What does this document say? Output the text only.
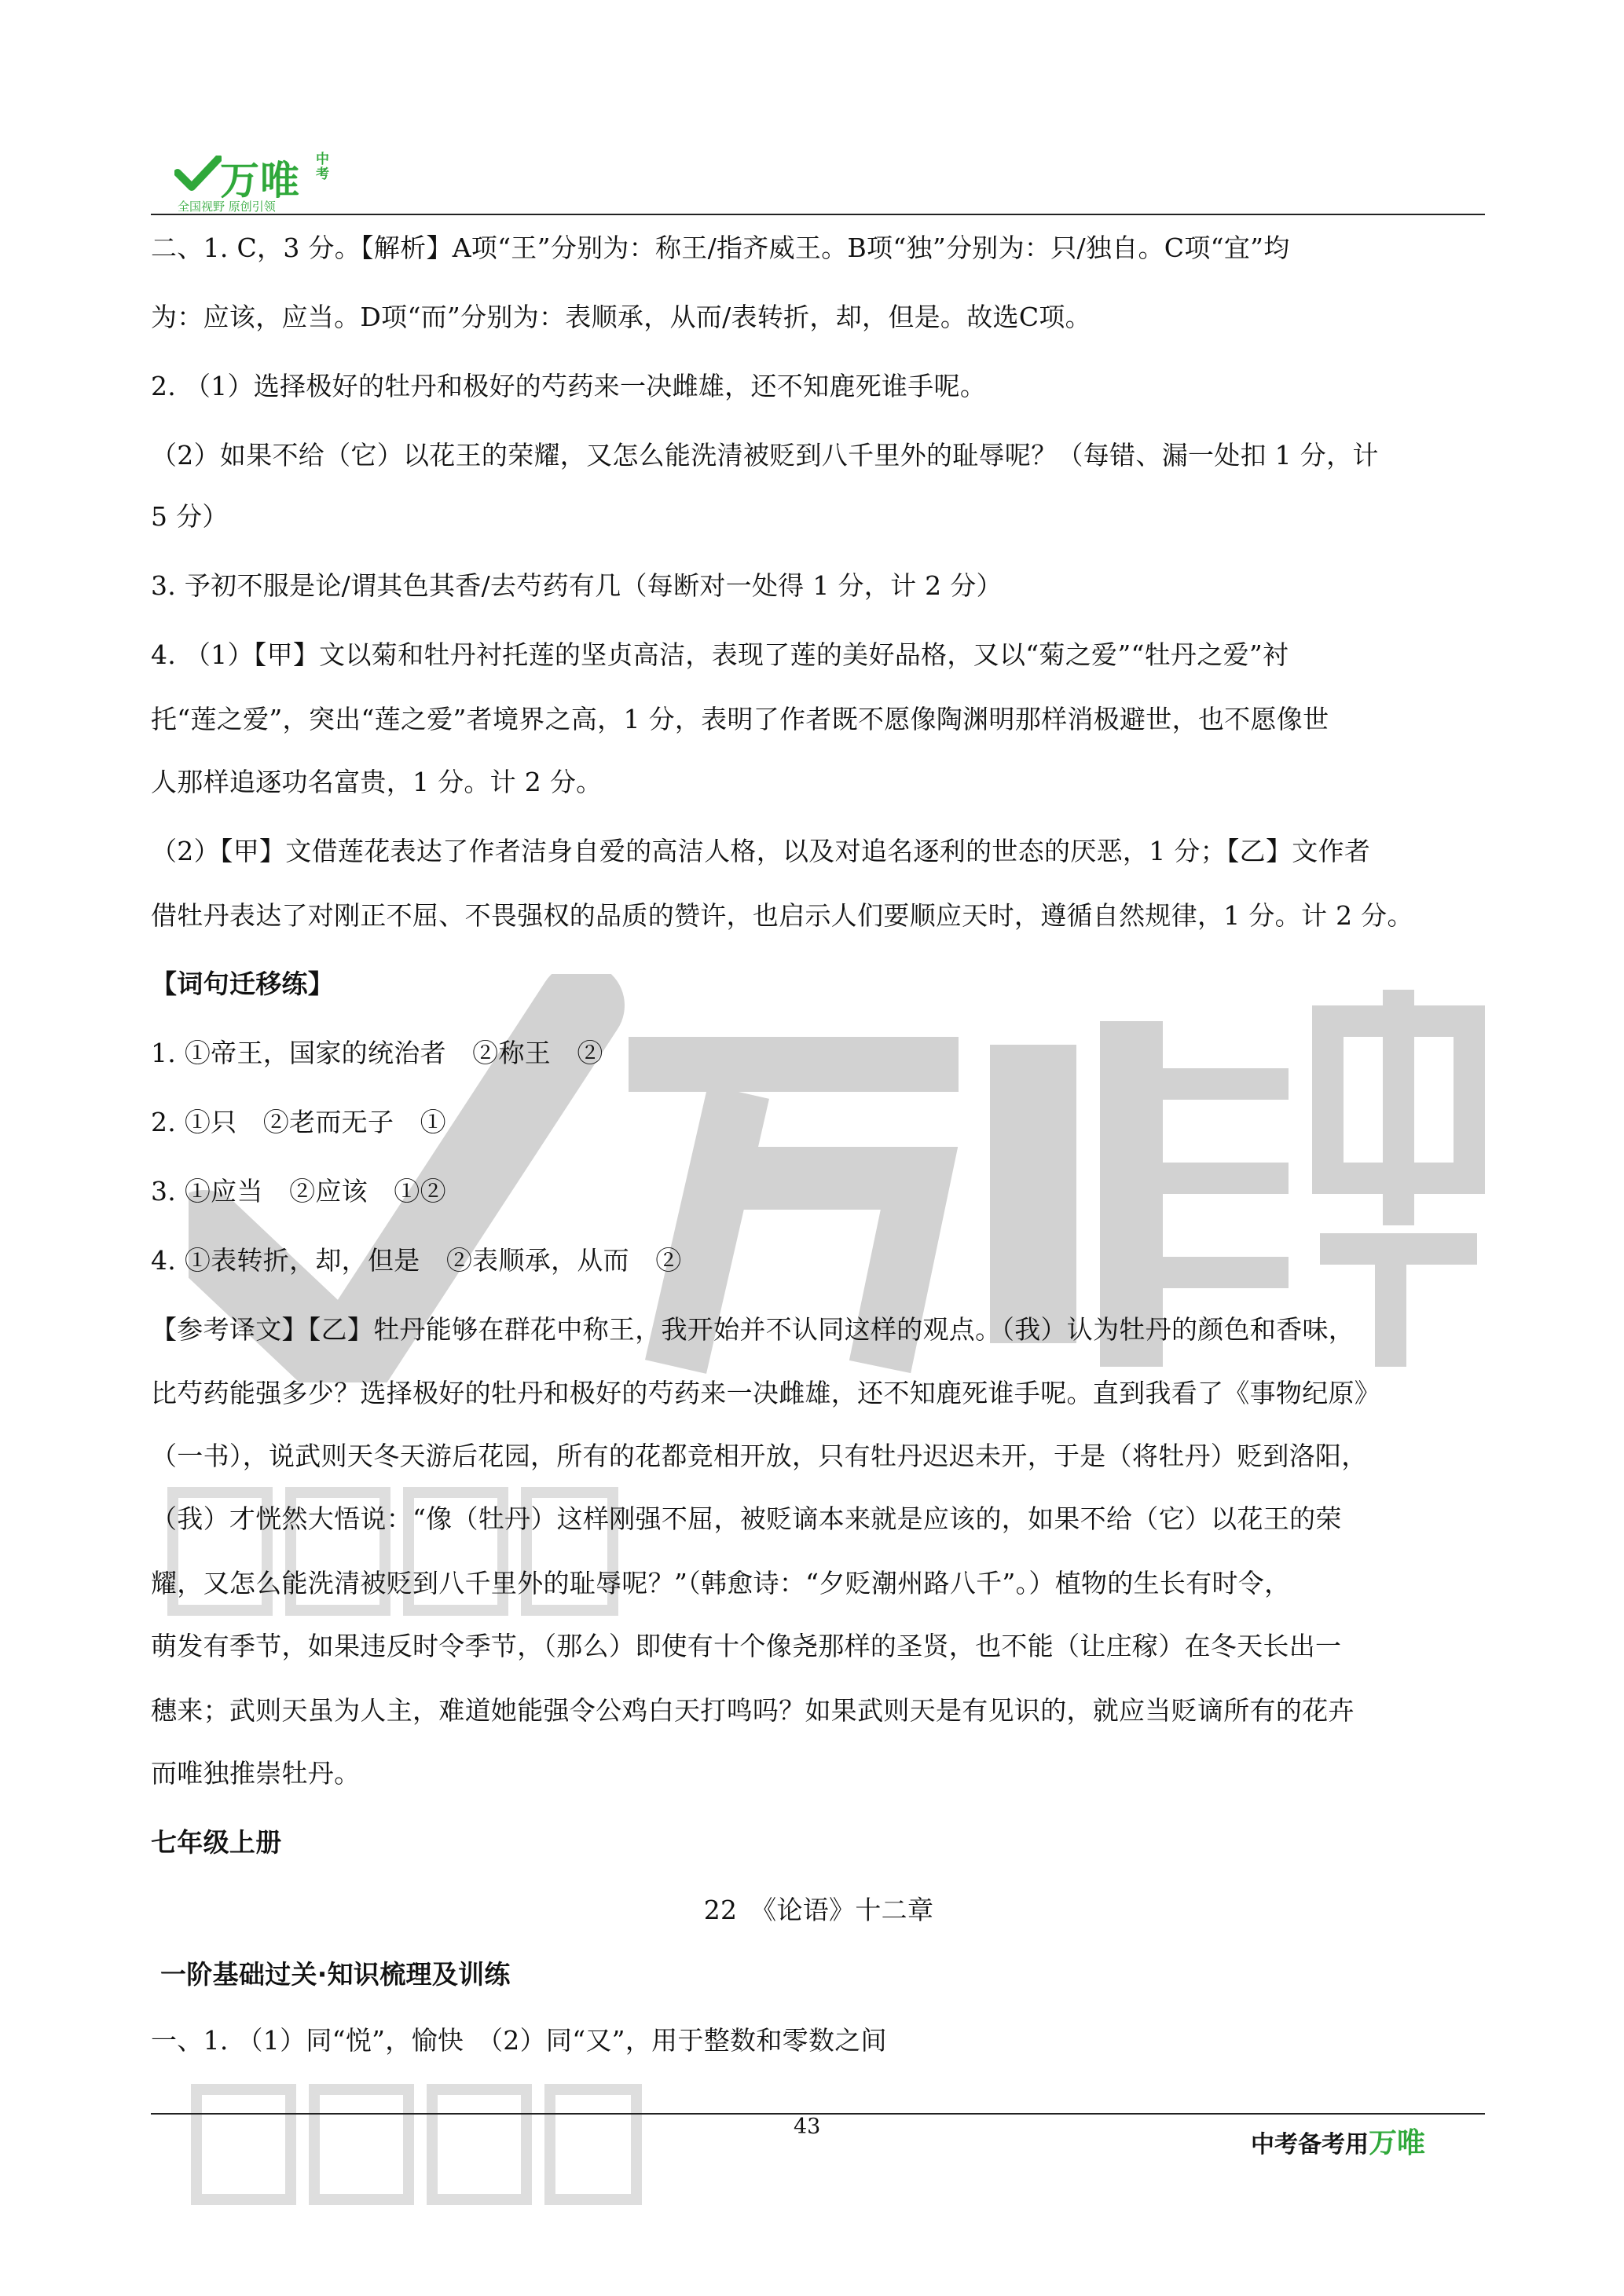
万唯 中考
全国视野 原创引领
二、1. C，3 分。【解析】A项“王”分别为：称王/指齐威王。B项“独”分别为：只/独自。C项“宜”均
为：应该，应当。D项“而”分别为：表顺承，从而/表转折，却，但是。故选C项。
2. （1）选择极好的牡丹和极好的芍药来一决雌雄，还不知鹿死谁手呢。
（2）如果不给（它）以花王的荣耀，又怎么能洗清被贬到八千里外的耻辱呢？（每错、漏一处扣 1 分，计
5 分）
3. 予初不服是论/谓其色其香/去芍药有几（每断对一处得 1 分，计 2 分）
4. （1）【甲】文以菊和牡丹衬托莲的坚贞高洁，表现了莲的美好品格，又以“菊之爱”“牡丹之爱”衬
托“莲之爱”，突出“莲之爱”者境界之高，1 分，表明了作者既不愿像陶渊明那样消极避世，也不愿像世
人那样追逐功名富贵，1 分。计 2 分。
（2）【甲】文借莲花表达了作者洁身自爱的高洁人格，以及对追名逐利的世态的厌恶，1 分；【乙】文作者
借牡丹表达了对刚正不屈、不畏强权的品质的赞许，也启示人们要顺应天时，遵循自然规律，1 分。计 2 分。
【词句迁移练】
1. ①帝王，国家的统治者　②称王　②
2. ①只　②老而无子　①
3. ①应当　②应该　①②
4. ①表转折，却，但是　②表顺承，从而　②
【参考译文】【乙】牡丹能够在群花中称王，我开始并不认同这样的观点。（我）认为牡丹的颜色和香味，
比芍药能强多少？选择极好的牡丹和极好的芍药来一决雌雄，还不知鹿死谁手呢。直到我看了《事物纪原》
（一书），说武则天冬天游后花园，所有的花都竞相开放，只有牡丹迟迟未开，于是（将牡丹）贬到洛阳，
（我）才恍然大悟说：“像（牡丹）这样刚强不屈，被贬谪本来就是应该的，如果不给（它）以花王的荣
耀，又怎么能洗清被贬到八千里外的耻辱呢？”（韩愈诗：“夕贬潮州路八千”。）植物的生长有时令，
萌发有季节，如果违反时令季节，（那么）即使有十个像尧那样的圣贤，也不能（让庄稼）在冬天长出一
穗来；武则天虽为人主，难道她能强令公鸡白天打鸣吗？如果武则天是有见识的，就应当贬谪所有的花卉
而唯独推崇牡丹。
七年级上册
22　《论语》十二章
一阶基础过关·知识梳理及训练
一、1. （1）同“悦”，愉快　（2）同“又”，用于整数和零数之间
43
中考备考用万唯
